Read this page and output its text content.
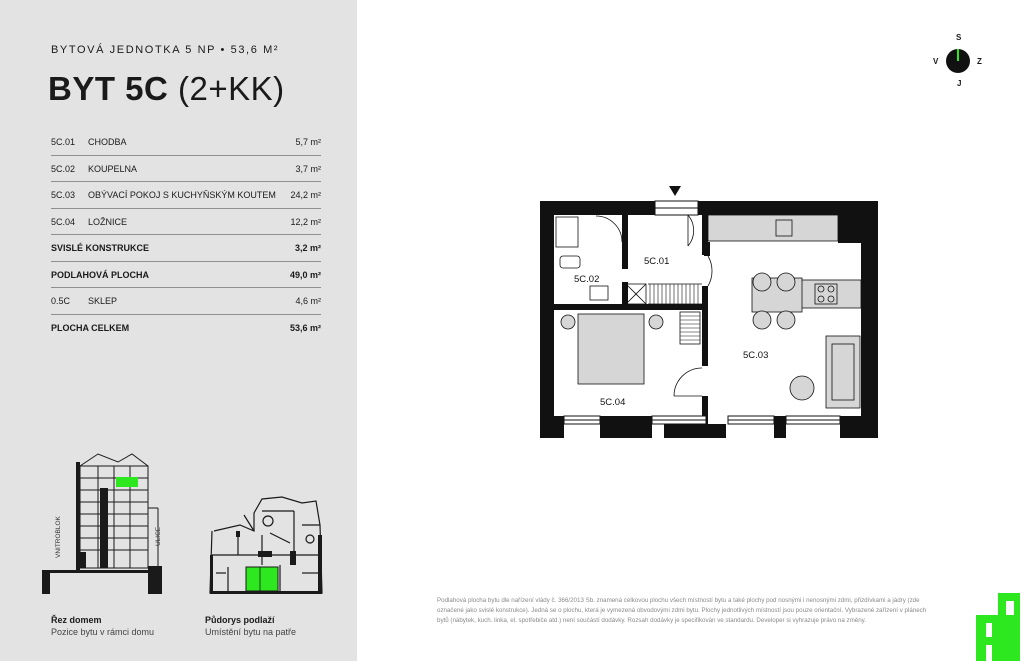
BYTOVÁ JEDNOTKA 5 NP • 53,6 M²
BYT 5C (2+KK)
5C.01 CHODBA	5,7 m²
5C.02 KOUPELNA	3,7 m²
5C.03 OBÝVACÍ POKOJ S KUCHYŇSKÝM KOUTEM 24,2 m²
5C.04 LOŽNICE	12,2 m²
SVISLÉ KONSTRUKCE	3,2 m²
PODLAHOVÁ PLOCHA	49,0 m²
0.5C SKLEP	4,6 m²
PLOCHA CELKEM	53,6 m²
VNITROBLOK	ULICE
Řez domem
Pozice bytu v rámci domu
Půdorys podlaží
Umístění bytu na patře
5C.01
5C.02
5C.03
5C.04
S
V	Z
J
Podlahová plocha bytu dle nařízení vlády č. 366/2013 Sb. znamená celkovou plochu všech místností bytu a také plochy pod nosnými i nenosnými zdmi, přizdívkami a jádry (zde označené jako svislé konstrukce). Jedná se o plochu, která je vymezená obvodovými zdmi bytu. Plochy jednotlivých místností jsou pouze orientační. Vybrazené zařízení v plánech bytů (nábytek, kuch. linka, el. spotřebiče atd.) není součástí dodávky. Rozsah dodávky je specifikován ve standardu. Developer si vyhrazuje právo na změny.
